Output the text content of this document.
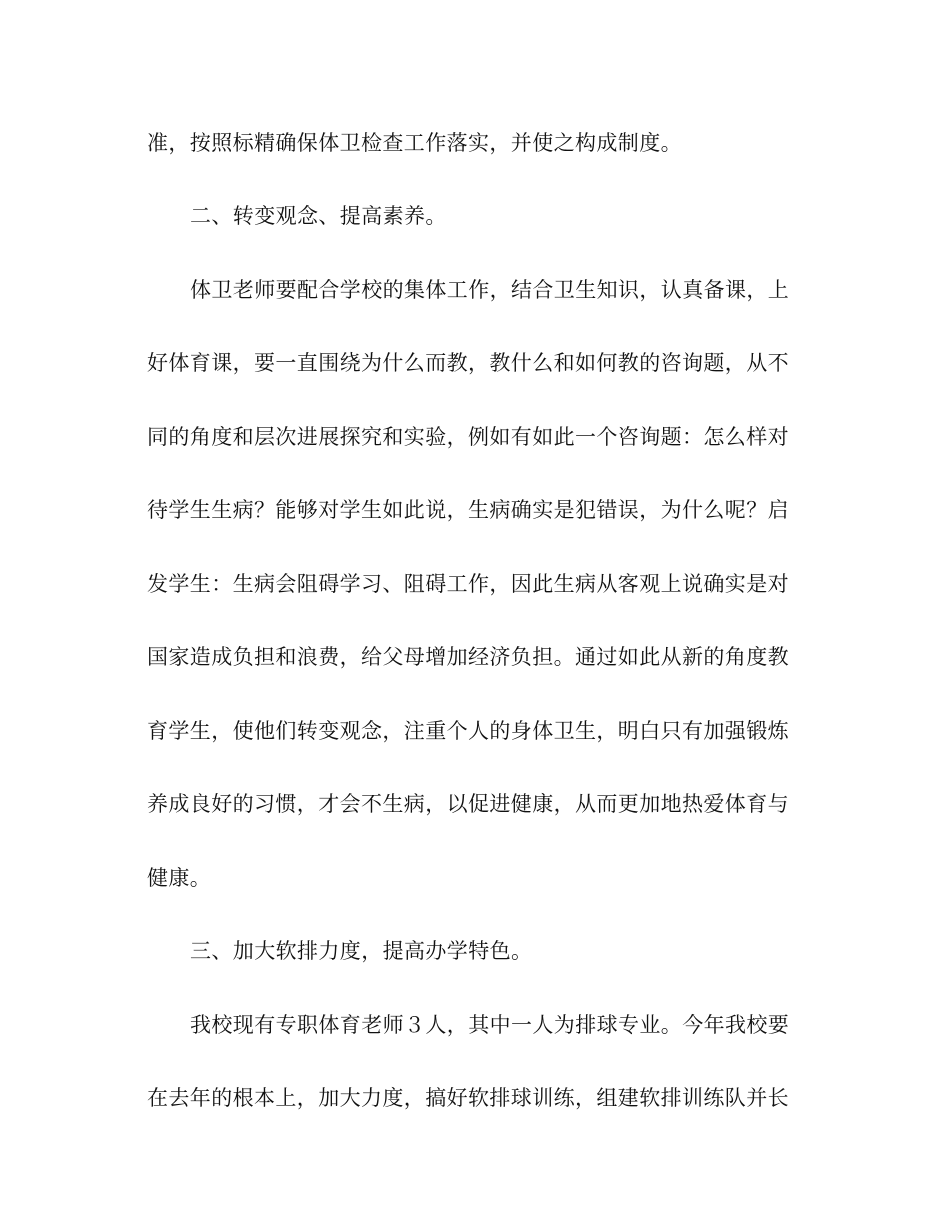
准，按照标精确保体卫检查工作落实，并使之构成制度。
二、转变观念、提高素养。
体卫老师要配合学校的集体工作，结合卫生知识，认真备课，上
好体育课，要一直围绕为什么而教，教什么和如何教的咨询题，从不
同的角度和层次进展探究和实验，例如有如此一个咨询题：怎么样对
待学生生病？能够对学生如此说，生病确实是犯错误，为什么呢？启
发学生：生病会阻碍学习、阻碍工作，因此生病从客观上说确实是对
国家造成负担和浪费，给父母增加经济负担。通过如此从新的角度教
育学生，使他们转变观念，注重个人的身体卫生，明白只有加强锻炼
养成良好的习惯，才会不生病，以促进健康，从而更加地热爱体育与
健康。
三、加大软排力度，提高办学特色。
我校现有专职体育老师３人，其中一人为排球专业。今年我校要
在去年的根本上，加大力度，搞好软排球训练，组建软排训练队并长
